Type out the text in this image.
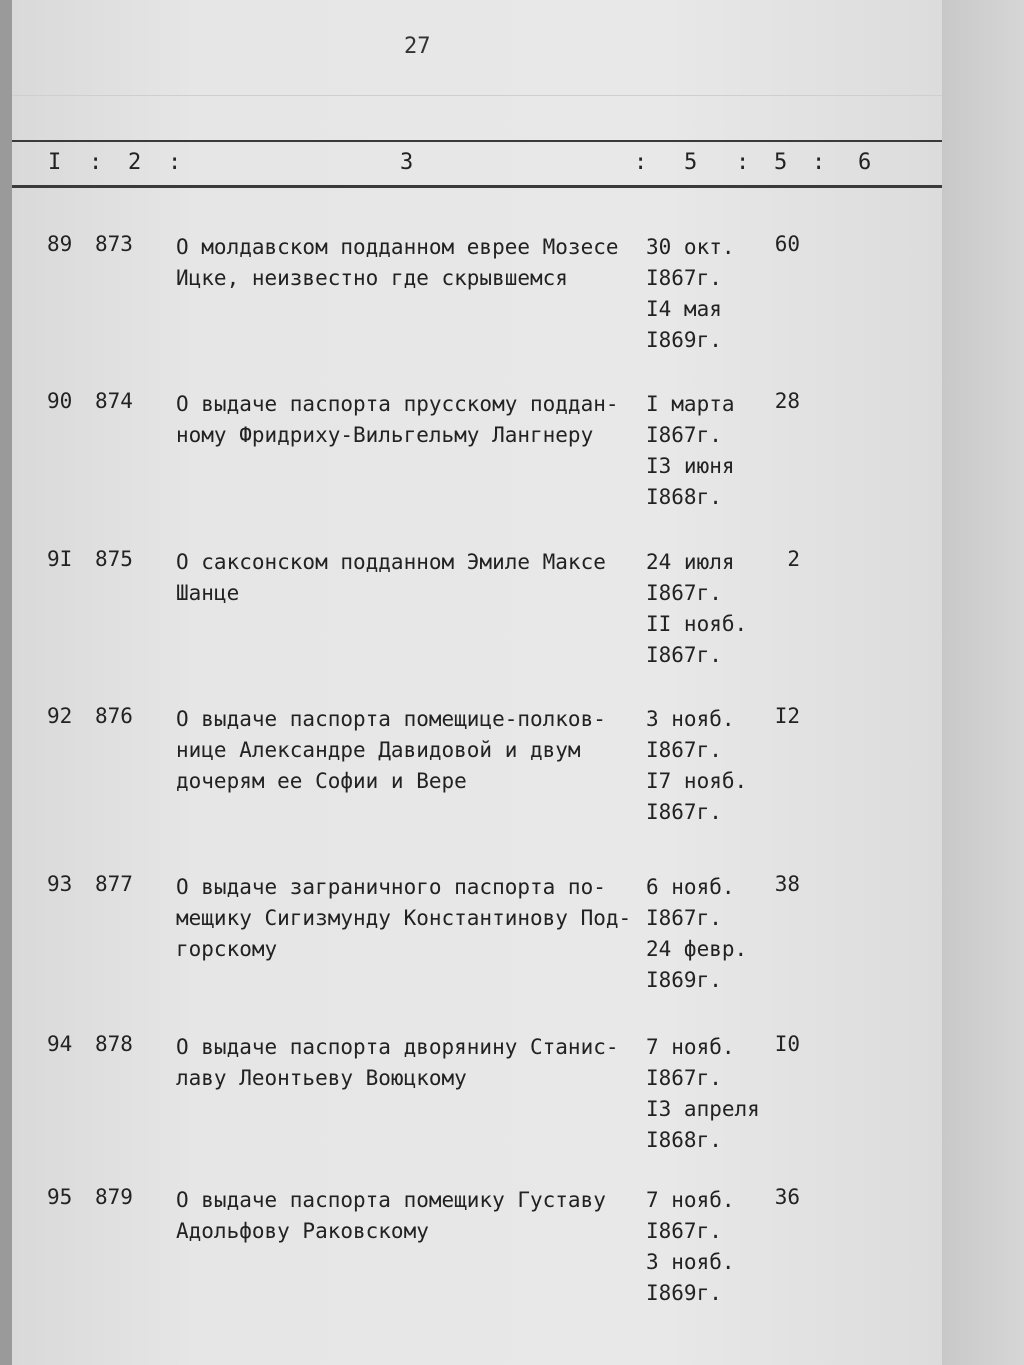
27
I : 2 :	3	: 5 : 5 : 6
89 873 О молдавском подданном еврее Мозесе
Ицке, неизвестно где скрывшемся
30 окт.
I867г.
I4 мая
I869г.
60
90 874 О выдаче паспорта прусскому поддан-
ному Фридриху-Вильгельму Лангнеру
I марта
I867г.
I3 июня
I868г.
28
9I 875 О саксонском подданном Эмиле Максе
Шанце
24 июля
I867г.
II нояб.
I867г.
2
92 876 О выдаче паспорта помещице-полков-
нице Александре Давидовой и двум
дочерям ее Софии и Вере
3 нояб.
I867г.
I7 нояб.
I867г.
I2
93 877 О выдаче заграничного паспорта по-
мещику Сигизмунду Константинову Под-
горскому
6 нояб.
I867г.
24 февр.
I869г.
38
94 878 О выдаче паспорта дворянину Станис-
лаву Леонтьеву Воюцкому
7 нояб.
I867г.
I3 апреля
I868г.
I0
95 879 О выдаче паспорта помещику Густаву
Адольфову Раковскому
7 нояб.
I867г.
3 нояб.
I869г.
36
